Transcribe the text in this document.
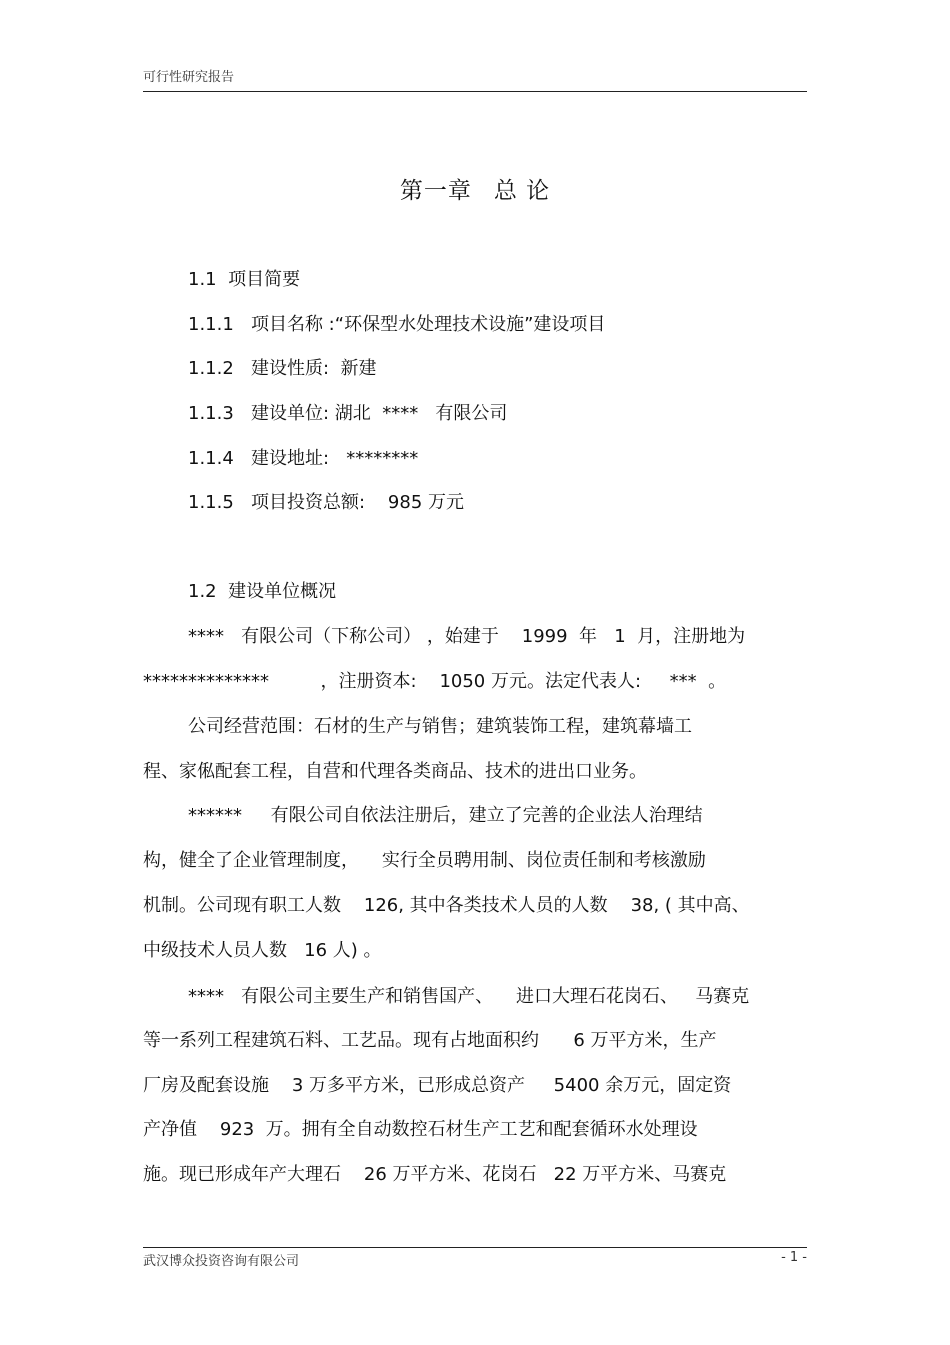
可行性研究报告
第一章 总 论
1.1  项目简要
1.1.1   项目名称 :“环保型水处理技术设施”建设项目
1.1.2   建设性质:  新建
1.1.3   建设单位: 湖北  ****   有限公司
1.1.4   建设地址:   ********
1.1.5   项目投资总额:    985 万元
1.2  建设单位概况
****   有限公司（下称公司） ，始建于    1999  年   1  月，注册地为
**************         ，注册资本:    1050 万元。法定代表人:     ***  。
公司经营范围：石材的生产与销售；建筑装饰工程，建筑幕墙工
程、家俬配套工程，自营和代理各类商品、技术的进出口业务。
******     有限公司自依法注册后，建立了完善的企业法人治理结
构，健全了企业管理制度，    实行全员聘用制、岗位责任制和考核激励
机制。公司现有职工人数    126, 其中各类技术人员的人数    38, ( 其中高、
中级技术人员人数   16 人) 。
****   有限公司主要生产和销售国产、    进口大理石花岗石、   马赛克
等一系列工程建筑石料、工艺品。现有占地面积约      6 万平方米，生产
厂房及配套设施    3 万多平方米，已形成总资产     5400 余万元，固定资
产净值    923  万。拥有全自动数控石材生产工艺和配套循环水处理设
施。现已形成年产大理石    26 万平方米、花岗石   22 万平方米、马赛克
武汉博众投资咨询有限公司	- 1 -
